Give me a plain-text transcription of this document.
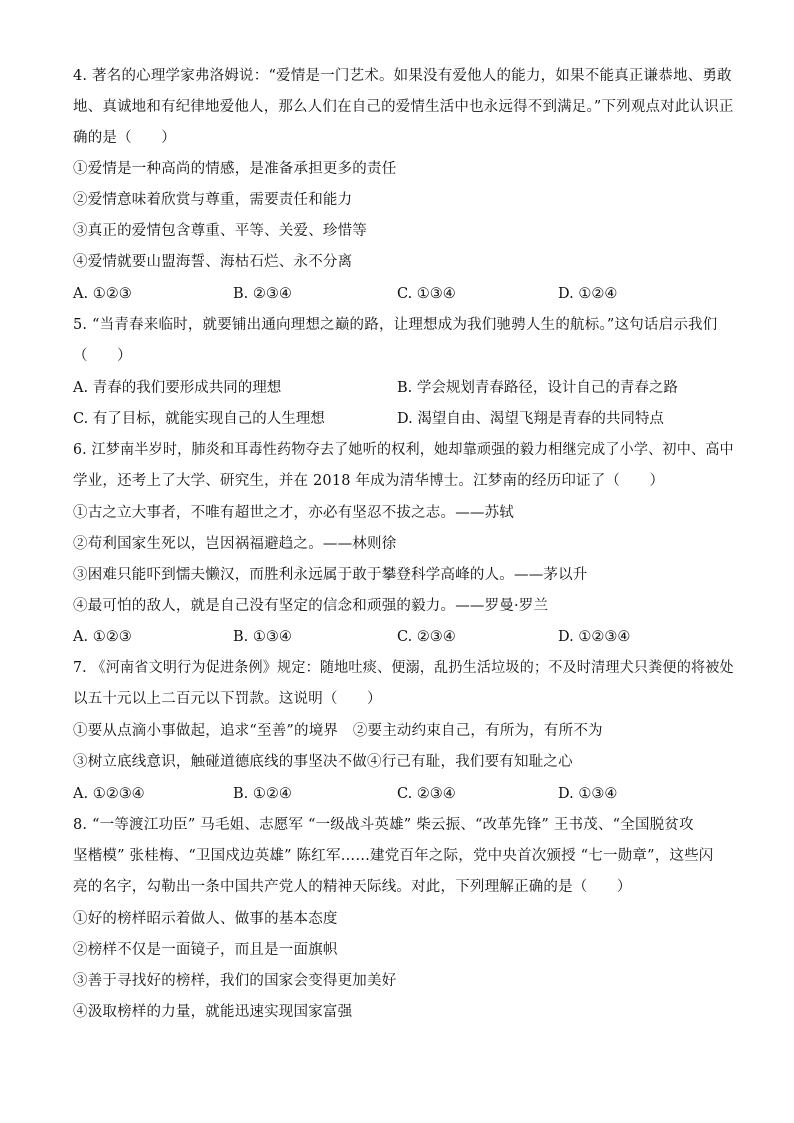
4. 著名的心理学家弗洛姆说：“爱情是一门艺术。如果没有爱他人的能力，如果不能真正谦恭地、勇敢
地、真诚地和有纪律地爱他人，那么人们在自己的爱情生活中也永远得不到满足。”下列观点对此认识正
确的是（　　）
①爱情是一种高尚的情感，是准备承担更多的责任
②爱情意味着欣赏与尊重，需要责任和能力
③真正的爱情包含尊重、平等、关爱、珍惜等
④爱情就要山盟海誓、海枯石烂、永不分离
A. ①②③	B. ②③④	C. ①③④	D. ①②④
5. “当青春来临时，就要铺出通向理想之巅的路，让理想成为我们驰骋人生的航标。”这句话启示我们
（　　）
A. 青春的我们要形成共同的理想	B. 学会规划青春路径，设计自己的青春之路
C. 有了目标，就能实现自己的人生理想	D. 渴望自由、渴望飞翔是青春的共同特点
6. 江梦南半岁时，肺炎和耳毒性药物夺去了她听的权利，她却靠顽强的毅力相继完成了小学、初中、高中
学业，还考上了大学、研究生，并在 2018 年成为清华博士。江梦南的经历印证了（　　）
①古之立大事者，不唯有超世之才，亦必有坚忍不拔之志。——苏轼
②苟利国家生死以，岂因祸福避趋之。——林则徐
③困难只能吓到懦夫懒汉，而胜利永远属于敢于攀登科学高峰的人。——茅以升
④最可怕的敌人，就是自己没有坚定的信念和顽强的毅力。——罗曼·罗兰
A. ①②③	B. ①③④	C. ②③④	D. ①②③④
7. 《河南省文明行为促进条例》规定：随地吐痰、便溺，乱扔生活垃圾的；不及时清理犬只粪便的将被处
以五十元以上二百元以下罚款。这说明（　　）
①要从点滴小事做起，追求“至善”的境界　②要主动约束自己，有所为，有所不为
③树立底线意识，触碰道德底线的事坚决不做④行己有耻，我们要有知耻之心
A. ①②③④	B. ①②④	C. ②③④	D. ①③④
8. “一等渡江功臣” 马毛姐、志愿军 “一级战斗英雄” 柴云振、“改革先锋” 王书茂、“全国脱贫攻
坚楷模” 张桂梅、“卫国戍边英雄” 陈红军……建党百年之际，党中央首次颁授 “七一勋章”，这些闪
亮的名字，勾勒出一条中国共产党人的精神天际线。对此，下列理解正确的是（　　）
①好的榜样昭示着做人、做事的基本态度
②榜样不仅是一面镜子，而且是一面旗帜
③善于寻找好的榜样，我们的国家会变得更加美好
④汲取榜样的力量，就能迅速实现国家富强
